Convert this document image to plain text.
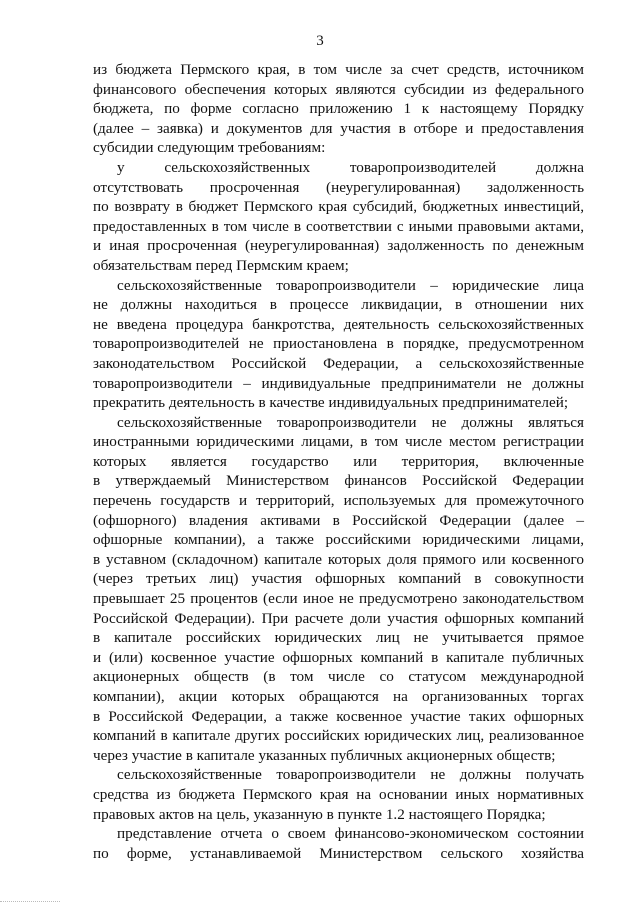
3
из бюджета Пермского края, в том числе за счет средств, источником
финансового обеспечения которых являются субсидии из федерального
бюджета, по форме согласно приложению 1 к настоящему Порядку
(далее – заявка) и документов для участия в отборе и предоставления
субсидии следующим требованиям:
у сельскохозяйственных товаропроизводителей должна
отсутствовать просроченная (неурегулированная) задолженность
по возврату в бюджет Пермского края субсидий, бюджетных инвестиций,
предоставленных в том числе в соответствии с иными правовыми актами,
и иная просроченная (неурегулированная) задолженность по денежным
обязательствам перед Пермским краем;
сельскохозяйственные товаропроизводители – юридические лица
не должны находиться в процессе ликвидации, в отношении них
не введена процедура банкротства, деятельность сельскохозяйственных
товаропроизводителей не приостановлена в порядке, предусмотренном
законодательством Российской Федерации, а сельскохозяйственные
товаропроизводители – индивидуальные предприниматели не должны
прекратить деятельность в качестве индивидуальных предпринимателей;
сельскохозяйственные товаропроизводители не должны являться
иностранными юридическими лицами, в том числе местом регистрации
которых является государство или территория, включенные
в утверждаемый Министерством финансов Российской Федерации
перечень государств и территорий, используемых для промежуточного
(офшорного) владения активами в Российской Федерации (далее –
офшорные компании), а также российскими юридическими лицами,
в уставном (складочном) капитале которых доля прямого или косвенного
(через третьих лиц) участия офшорных компаний в совокупности
превышает 25 процентов (если иное не предусмотрено законодательством
Российской Федерации). При расчете доли участия офшорных компаний
в капитале российских юридических лиц не учитывается прямое
и (или) косвенное участие офшорных компаний в капитале публичных
акционерных обществ (в том числе со статусом международной
компании), акции которых обращаются на организованных торгах
в Российской Федерации, а также косвенное участие таких офшорных
компаний в капитале других российских юридических лиц, реализованное
через участие в капитале указанных публичных акционерных обществ;
сельскохозяйственные товаропроизводители не должны получать
средства из бюджета Пермского края на основании иных нормативных
правовых актов на цель, указанную в пункте 1.2 настоящего Порядка;
представление отчета о своем финансово-экономическом состоянии
по форме, устанавливаемой Министерством сельского хозяйства
